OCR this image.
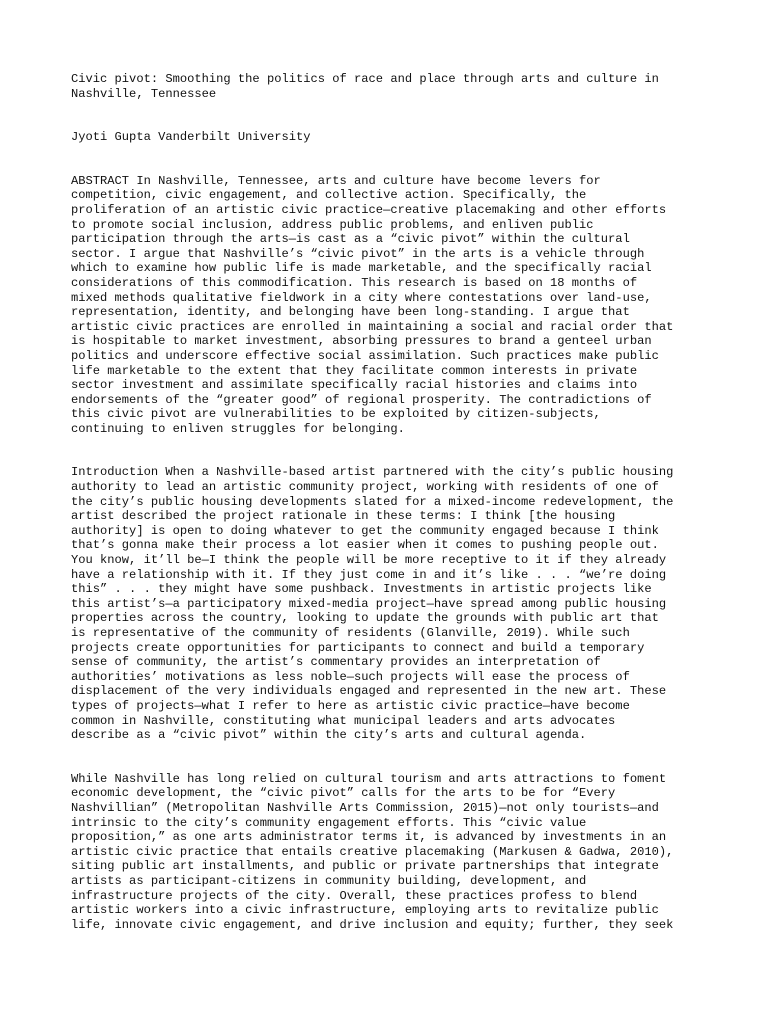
Civic pivot: Smoothing the politics of race and place through arts and culture in
Nashville, Tennessee

Jyoti Gupta Vanderbilt University

ABSTRACT In Nashville, Tennessee, arts and culture have become levers for
competition, civic engagement, and collective action. Specifically, the
proliferation of an artistic civic practice—creative placemaking and other efforts
to promote social inclusion, address public problems, and enliven public
participation through the arts—is cast as a “civic pivot” within the cultural
sector. I argue that Nashville’s “civic pivot” in the arts is a vehicle through
which to examine how public life is made marketable, and the specifically racial
considerations of this commodification. This research is based on 18 months of
mixed methods qualitative fieldwork in a city where contestations over land-use,
representation, identity, and belonging have been long-standing. I argue that
artistic civic practices are enrolled in maintaining a social and racial order that
is hospitable to market investment, absorbing pressures to brand a genteel urban
politics and underscore effective social assimilation. Such practices make public
life marketable to the extent that they facilitate common interests in private
sector investment and assimilate specifically racial histories and claims into
endorsements of the “greater good” of regional prosperity. The contradictions of
this civic pivot are vulnerabilities to be exploited by citizen-subjects,
continuing to enliven struggles for belonging.

Introduction When a Nashville-based artist partnered with the city’s public housing
authority to lead an artistic community project, working with residents of one of
the city’s public housing developments slated for a mixed-income redevelopment, the
artist described the project rationale in these terms: I think [the housing
authority] is open to doing whatever to get the community engaged because I think
that’s gonna make their process a lot easier when it comes to pushing people out.
You know, it’ll be—I think the people will be more receptive to it if they already
have a relationship with it. If they just come in and it’s like . . . “we’re doing
this” . . . they might have some pushback. Investments in artistic projects like
this artist’s—a participatory mixed-media project—have spread among public housing
properties across the country, looking to update the grounds with public art that
is representative of the community of residents (Glanville, 2019). While such
projects create opportunities for participants to connect and build a temporary
sense of community, the artist’s commentary provides an interpretation of
authorities’ motivations as less noble—such projects will ease the process of
displacement of the very individuals engaged and represented in the new art. These
types of projects—what I refer to here as artistic civic practice—have become
common in Nashville, constituting what municipal leaders and arts advocates
describe as a “civic pivot” within the city’s arts and cultural agenda.

While Nashville has long relied on cultural tourism and arts attractions to foment
economic development, the “civic pivot” calls for the arts to be for “Every
Nashvillian” (Metropolitan Nashville Arts Commission, 2015)—not only tourists—and
intrinsic to the city’s community engagement efforts. This “civic value
proposition,” as one arts administrator terms it, is advanced by investments in an
artistic civic practice that entails creative placemaking (Markusen & Gadwa, 2010),
siting public art installments, and public or private partnerships that integrate
artists as participant-citizens in community building, development, and
infrastructure projects of the city. Overall, these practices profess to blend
artistic workers into a civic infrastructure, employing arts to revitalize public
life, innovate civic engagement, and drive inclusion and equity; further, they seek
